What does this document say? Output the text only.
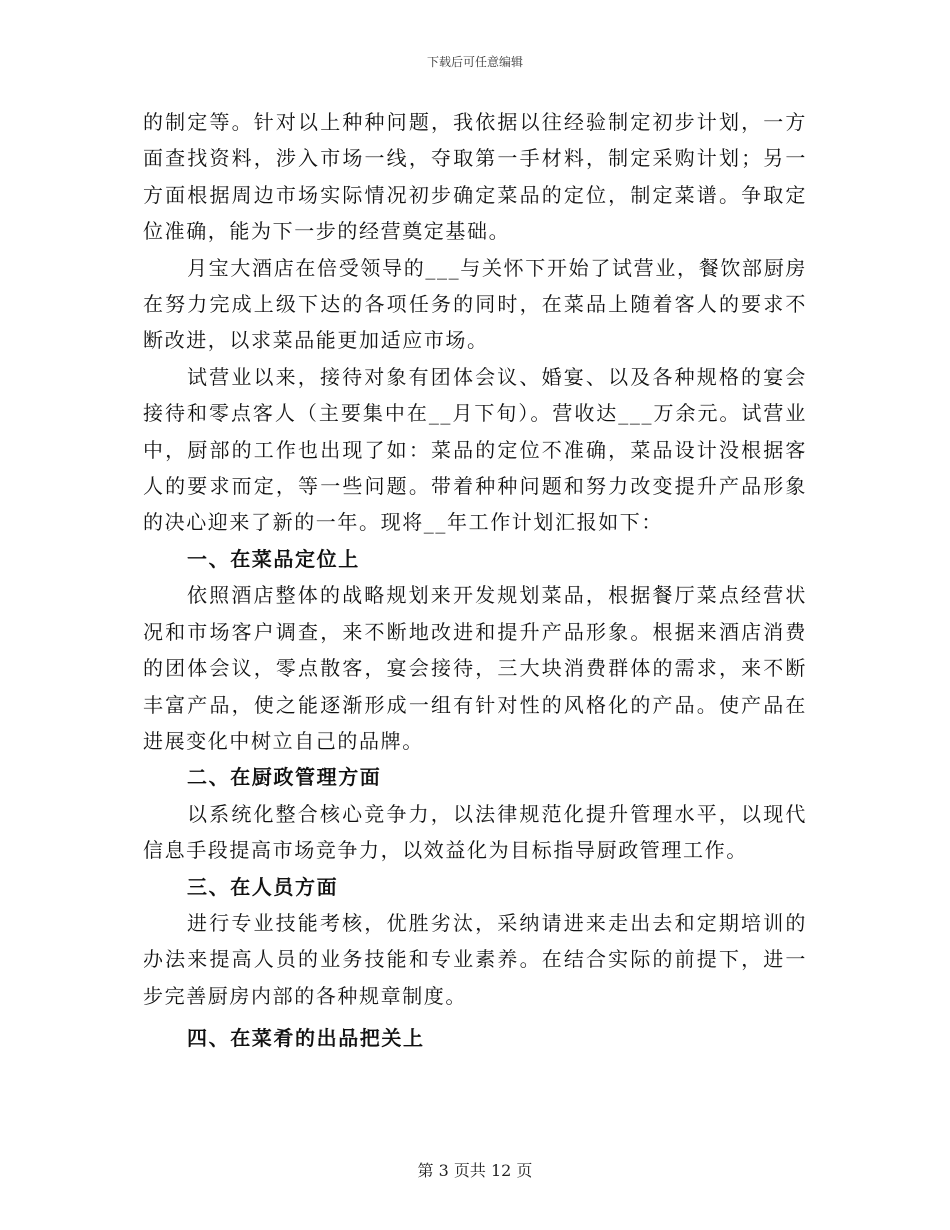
下载后可任意编辑

的制定等。针对以上种种问题，我依据以往经验制定初步计划，一方面查找资料，涉入市场一线，夺取第一手材料，制定采购计划；另一方面根据周边市场实际情况初步确定菜品的定位，制定菜谱。争取定位准确，能为下一步的经营奠定基础。

月宝大酒店在倍受领导的___与关怀下开始了试营业，餐饮部厨房在努力完成上级下达的各项任务的同时，在菜品上随着客人的要求不断改进，以求菜品能更加适应市场。

试营业以来，接待对象有团体会议、婚宴、以及各种规格的宴会接待和零点客人（主要集中在__月下旬）。营收达___万余元。试营业中，厨部的工作也出现了如：菜品的定位不准确，菜品设计没根据客人的要求而定，等一些问题。带着种种问题和努力改变提升产品形象的决心迎来了新的一年。现将__年工作计划汇报如下：

一、在菜品定位上

依照酒店整体的战略规划来开发规划菜品，根据餐厅菜点经营状况和市场客户调查，来不断地改进和提升产品形象。根据来酒店消费的团体会议，零点散客，宴会接待，三大块消费群体的需求，来不断丰富产品，使之能逐渐形成一组有针对性的风格化的产品。使产品在进展变化中树立自己的品牌。

二、在厨政管理方面

以系统化整合核心竞争力，以法律规范化提升管理水平，以现代信息手段提高市场竞争力，以效益化为目标指导厨政管理工作。

三、在人员方面

进行专业技能考核，优胜劣汰，采纳请进来走出去和定期培训的办法来提高人员的业务技能和专业素养。在结合实际的前提下，进一步完善厨房内部的各种规章制度。

四、在菜肴的出品把关上

第 3 页共 12 页
